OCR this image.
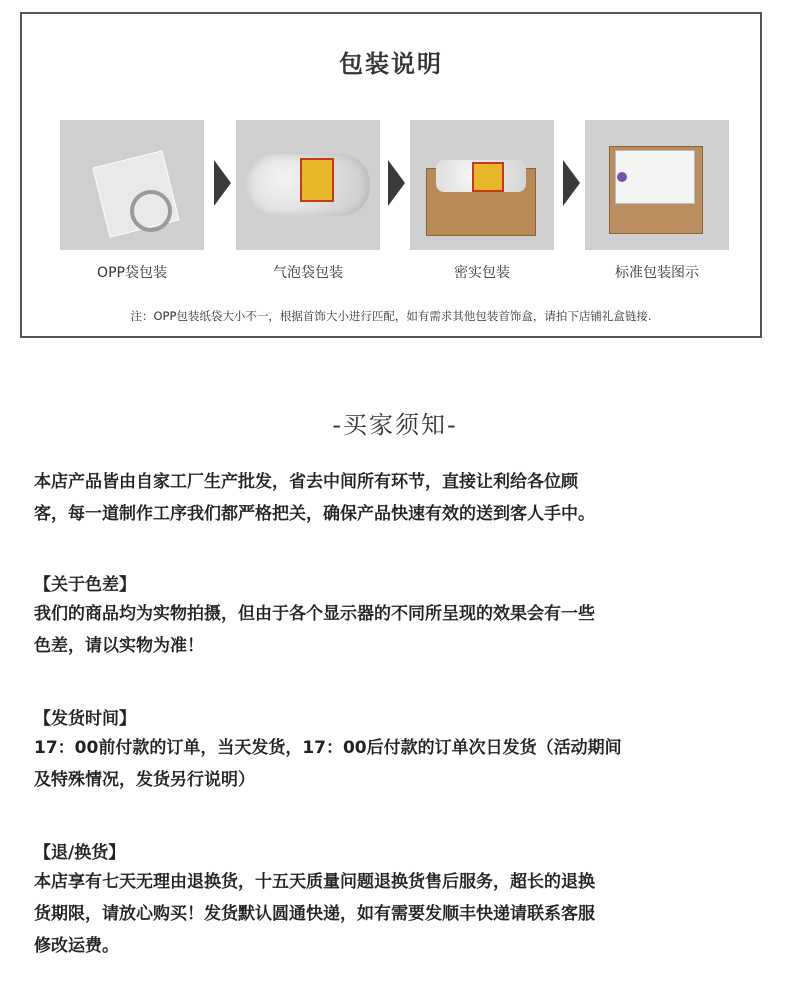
包装说明
OPP袋包装	气泡袋包装	密实包装	标准包装图示
注：OPP包装纸袋大小不一，根据首饰大小进行匹配，如有需求其他包装首饰盒，请拍下店铺礼盒链接.
-买家须知-
本店产品皆由自家工厂生产批发，省去中间所有环节，直接让利给各位顾
客，每一道制作工序我们都严格把关，确保产品快速有效的送到客人手中。
【关于色差】
我们的商品均为实物拍摄，但由于各个显示器的不同所呈现的效果会有一些
色差，请以实物为准！
【发货时间】
17：00前付款的订单，当天发货，17：00后付款的订单次日发货（活动期间
及特殊情况，发货另行说明）
【退/换货】
本店享有七天无理由退换货，十五天质量问题退换货售后服务，超长的退换
货期限，请放心购买！发货默认圆通快递，如有需要发顺丰快递请联系客服
修改运费。
